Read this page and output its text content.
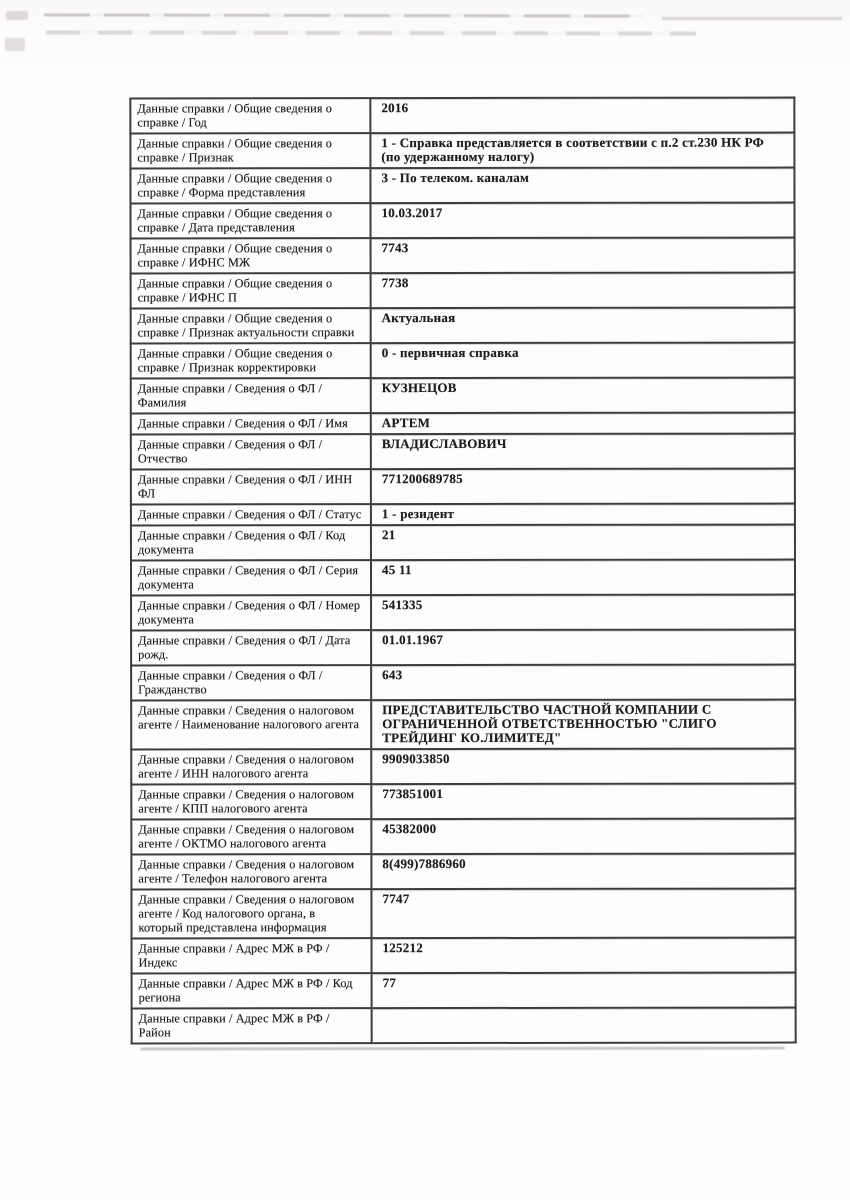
Данные справки / Общие сведения о справке / Год	2016
Данные справки / Общие сведения о справке / Признак	1 - Справка представляется в соответствии с п.2 ст.230 НК РФ (по удержанному налогу)
Данные справки / Общие сведения о справке / Форма представления	3 - По телеком. каналам
Данные справки / Общие сведения о справке / Дата представления	10.03.2017
Данные справки / Общие сведения о справке / ИФНС МЖ	7743
Данные справки / Общие сведения о справке / ИФНС П	7738
Данные справки / Общие сведения о справке / Признак актуальности справки	Актуальная
Данные справки / Общие сведения о справке / Признак корректировки	0 - первичная справка
Данные справки / Сведения о ФЛ / Фамилия	КУЗНЕЦОВ
Данные справки / Сведения о ФЛ / Имя	АРТЕМ
Данные справки / Сведения о ФЛ / Отчество	ВЛАДИСЛАВОВИЧ
Данные справки / Сведения о ФЛ / ИНН ФЛ	771200689785
Данные справки / Сведения о ФЛ / Статус	1 - резидент
Данные справки / Сведения о ФЛ / Код документа	21
Данные справки / Сведения о ФЛ / Серия документа	45 11
Данные справки / Сведения о ФЛ / Номер документа	541335
Данные справки / Сведения о ФЛ / Дата рожд.	01.01.1967
Данные справки / Сведения о ФЛ / Гражданство	643
Данные справки / Сведения о налоговом агенте / Наименование налогового агента	ПРЕДСТАВИТЕЛЬСТВО ЧАСТНОЙ КОМПАНИИ С ОГРАНИЧЕННОЙ ОТВЕТСТВЕННОСТЬЮ "СЛИГО ТРЕЙДИНГ КО.ЛИМИТЕД"
Данные справки / Сведения о налоговом агенте / ИНН налогового агента	9909033850
Данные справки / Сведения о налоговом агенте / КПП налогового агента	773851001
Данные справки / Сведения о налоговом агенте / ОКТМО налогового агента	45382000
Данные справки / Сведения о налоговом агенте / Телефон налогового агента	8(499)7886960
Данные справки / Сведения о налоговом агенте / Код налогового органа, в который представлена информация	7747
Данные справки / Адрес МЖ в РФ / Индекс	125212
Данные справки / Адрес МЖ в РФ / Код региона	77
Данные справки / Адрес МЖ в РФ / Район	
